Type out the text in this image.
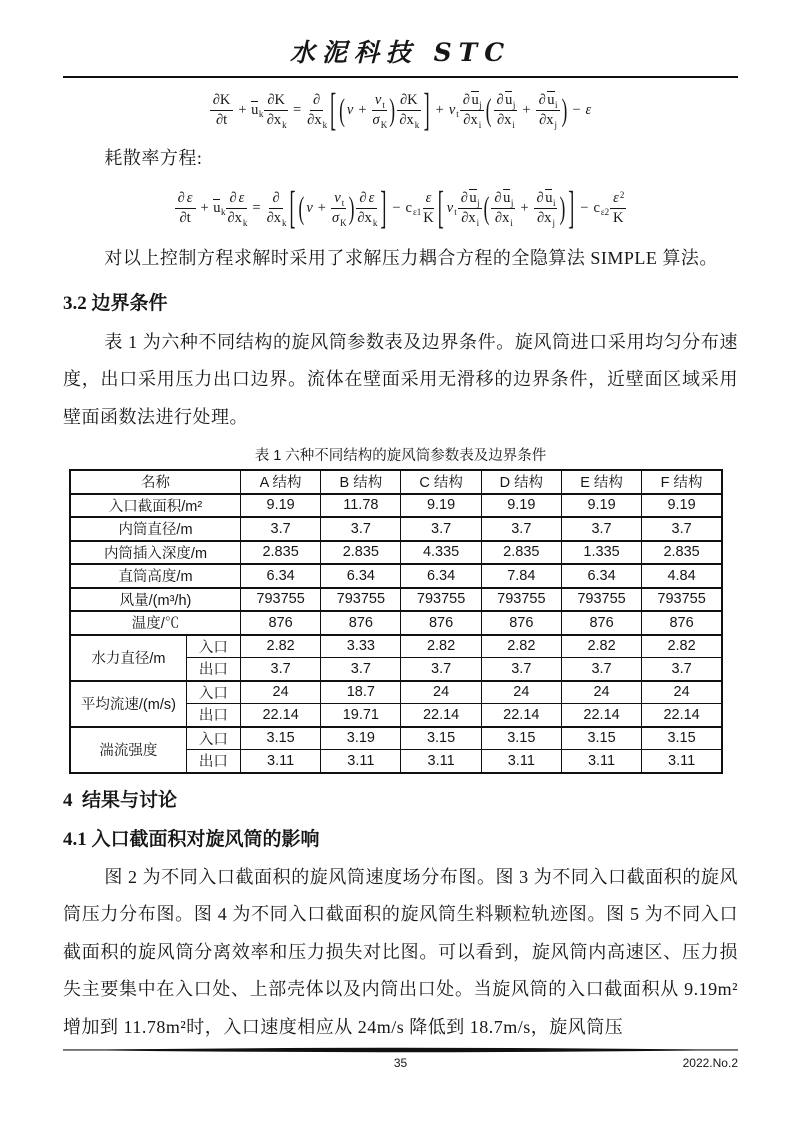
水泥科技 STC
$\frac{\partial K}{\partial t} + u$ k $\frac{\partial K}{\partial xk} = \frac{\partial}{\partial xk}$ [ ( $\nu + \frac{\nu t}{\sigma K}$ ) $\frac{\partial K}{\partial xk}$ ] + ν t $\frac{\partial uj}{\partial xi}$ ( $\frac{\partial uj}{\partial xi} + \frac{\partial ui}{\partial xj}$ ) − ε

耗散率方程:

$\frac{\partial \varepsilon}{\partial t} + u$ k $\frac{\partial \varepsilon}{\partial xk} = \frac{\partial}{\partial xk}$ [ ( $\nu + \frac{\nu t}{\sigma K}$ ) $\frac{\partial \varepsilon}{\partial xk}$ ] − c $\varepsilon 1 \frac{\varepsilon}{K}$ [ ν t $\frac{\partial uj}{\partial xi}$ ( $\frac{\partial uj}{\partial xi} + \frac{\partial ui}{\partial xj}$ ) ] − c $\varepsilon 2 \frac{\varepsilon 2}{K}$

对以上控制方程求解时采用了求解压力耦合方程的全隐算法 SIMPLE 算法。

3.2 边界条件

表 1 为六种不同结构的旋风筒参数表及边界条件。旋风筒进口采用均匀分布速度，出口采用压力出口边界。流体在壁面采用无滑移的边界条件，近壁面区域采用壁面函数法进行处理。

表 1 六种不同结构的旋风筒参数表及边界条件
名称		A 结构	B 结构	C 结构	D 结构	E 结构	F 结构
入口截面积/m²		9.19	11.78	9.19	9.19	9.19	9.19
内筒直径/m		3.7	3.7	3.7	3.7	3.7	3.7
内筒插入深度/m		2.835	2.835	4.335	2.835	1.335	2.835
直筒高度/m		6.34	6.34	6.34	7.84	6.34	4.84
风量/(m³/h)		793755	793755	793755	793755	793755	793755
温度/℃		876	876	876	876	876	876
水力直径/m	入口	2.82	3.33	2.82	2.82	2.82	2.82
	出口	3.7	3.7	3.7	3.7	3.7	3.7
平均流速/(m/s)	入口	24	18.7	24	24	24	24
	出口	22.14	19.71	22.14	22.14	22.14	22.14
湍流强度	入口	3.15	3.19	3.15	3.15	3.15	3.15
	出口	3.11	3.11	3.11	3.11	3.11	3.11
4  结果与讨论
4.1 入口截面积对旋风筒的影响

图 2 为不同入口截面积的旋风筒速度场分布图。图 3 为不同入口截面积的旋风筒压力分布图。图 4 为不同入口截面积的旋风筒生料颗粒轨迹图。图 5 为不同入口截面积的旋风筒分离效率和压力损失对比图。可以看到，旋风筒内高速区、压力损失主要集中在入口处、上部壳体以及内筒出口处。当旋风筒的入口截面积从 9.19m²增加到 11.78m²时，入口速度相应从 24m/s 降低到 18.7m/s，旋风筒压

35	2022.No.2
